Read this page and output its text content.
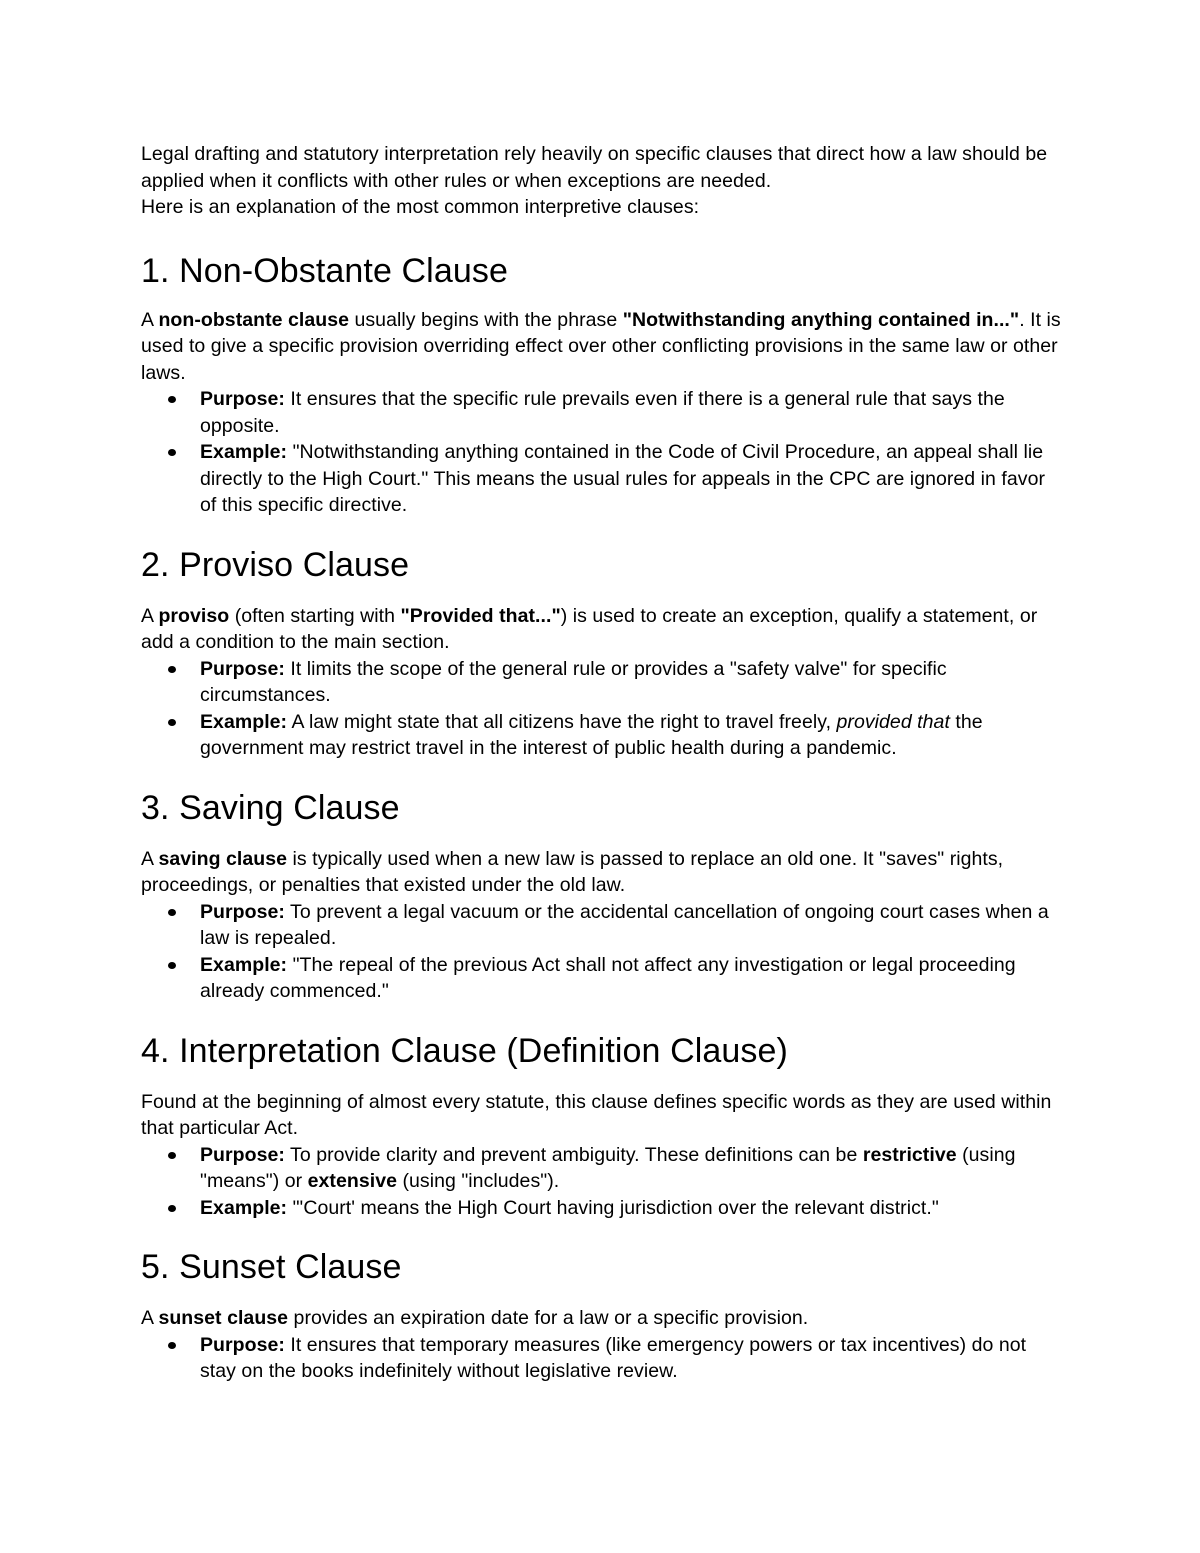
Legal drafting and statutory interpretation rely heavily on specific clauses that direct how a law should be applied when it conflicts with other rules or when exceptions are needed.
Here is an explanation of the most common interpretive clauses:

1. Non-Obstante Clause

A non-obstante clause usually begins with the phrase "Notwithstanding anything contained in...". It is used to give a specific provision overriding effect over other conflicting provisions in the same law or other laws.

Purpose: It ensures that the specific rule prevails even if there is a general rule that says the opposite.
Example: "Notwithstanding anything contained in the Code of Civil Procedure, an appeal shall lie directly to the High Court." This means the usual rules for appeals in the CPC are ignored in favor of this specific directive.
2. Proviso Clause

A proviso (often starting with "Provided that...") is used to create an exception, qualify a statement, or add a condition to the main section.

Purpose: It limits the scope of the general rule or provides a "safety valve" for specific circumstances.
Example: A law might state that all citizens have the right to travel freely, provided that the government may restrict travel in the interest of public health during a pandemic.
3. Saving Clause

A saving clause is typically used when a new law is passed to replace an old one. It "saves" rights, proceedings, or penalties that existed under the old law.

Purpose: To prevent a legal vacuum or the accidental cancellation of ongoing court cases when a law is repealed.
Example: "The repeal of the previous Act shall not affect any investigation or legal proceeding already commenced."
4. Interpretation Clause (Definition Clause)

Found at the beginning of almost every statute, this clause defines specific words as they are used within that particular Act.

Purpose: To provide clarity and prevent ambiguity. These definitions can be restrictive (using "means") or extensive (using "includes").
Example: "'Court' means the High Court having jurisdiction over the relevant district."
5. Sunset Clause

A sunset clause provides an expiration date for a law or a specific provision.

Purpose: It ensures that temporary measures (like emergency powers or tax incentives) do not stay on the books indefinitely without legislative review.
